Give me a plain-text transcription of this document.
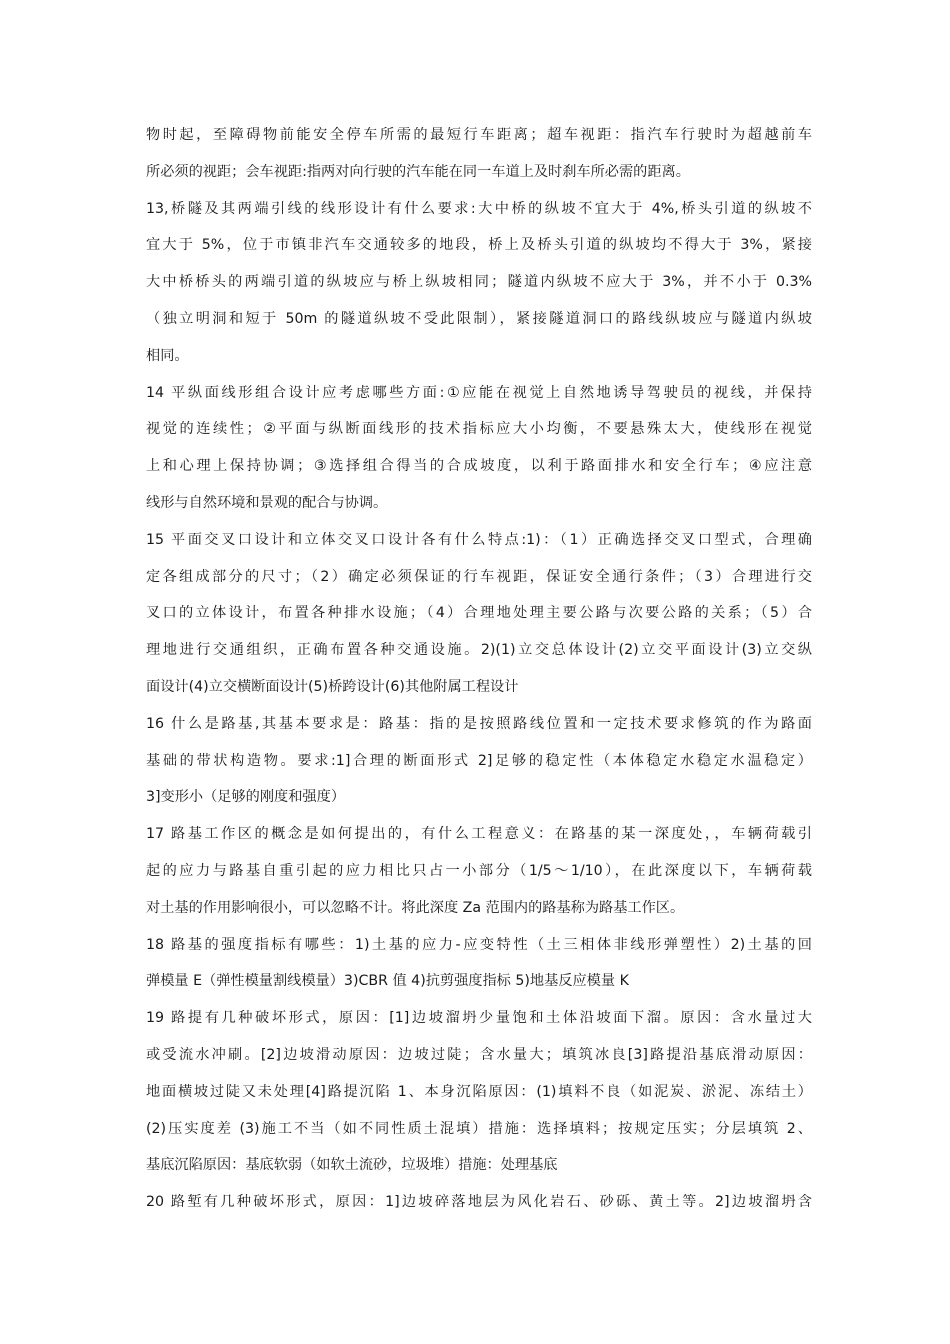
物时起，至障碍物前能安全停车所需的最短行车距离；超车视距：指汽车行驶时为超越前车
所必须的视距；会车视距:指两对向行驶的汽车能在同一车道上及时刹车所必需的距离。
13,桥隧及其两端引线的线形设计有什么要求:大中桥的纵坡不宜大于 4%,桥头引道的纵坡不
宜大于 5%，位于市镇非汽车交通较多的地段，桥上及桥头引道的纵坡均不得大于 3%，紧接
大中桥桥头的两端引道的纵坡应与桥上纵坡相同；隧道内纵坡不应大于 3%，并不小于 0.3%
（独立明洞和短于 50m 的隧道纵坡不受此限制），紧接隧道洞口的路线纵坡应与隧道内纵坡
相同。
14 平纵面线形组合设计应考虑哪些方面:①应能在视觉上自然地诱导驾驶员的视线，并保持
视觉的连续性；②平面与纵断面线形的技术指标应大小均衡，不要悬殊太大，使线形在视觉
上和心理上保持协调；③选择组合得当的合成坡度，以利于路面排水和安全行车；④应注意
线形与自然环境和景观的配合与协调。
15 平面交叉口设计和立体交叉口设计各有什么特点:1)：（1）正确选择交叉口型式，合理确
定各组成部分的尺寸；（2）确定必须保证的行车视距，保证安全通行条件；（3）合理进行交
叉口的立体设计，布置各种排水设施；（4）合理地处理主要公路与次要公路的关系；（5）合
理地进行交通组织，正确布置各种交通设施。2)(1)立交总体设计(2)立交平面设计(3)立交纵
面设计(4)立交横断面设计(5)桥跨设计(6)其他附属工程设计
16 什么是路基,其基本要求是：路基：指的是按照路线位置和一定技术要求修筑的作为路面
基础的带状构造物。要求:1]合理的断面形式 2]足够的稳定性（本体稳定水稳定水温稳定）
3]变形小（足够的刚度和强度）
17 路基工作区的概念是如何提出的，有什么工程意义：在路基的某一深度处，，车辆荷载引
起的应力与路基自重引起的应力相比只占一小部分（1/5～1/10），在此深度以下，车辆荷载
对土基的作用影响很小，可以忽略不计。将此深度 Za 范围内的路基称为路基工作区。
18 路基的强度指标有哪些：1)土基的应力-应变特性（土三相体非线形弹塑性）2)土基的回
弹模量 E（弹性模量割线模量）3)CBR 值 4)抗剪强度指标 5)地基反应模量 K
19 路提有几种破坏形式，原因：[1]边坡溜坍少量饱和土体沿坡面下溜。原因：含水量过大
或受流水冲刷。[2]边坡滑动原因：边坡过陡；含水量大；填筑冰良[3]路提沿基底滑动原因：
地面横坡过陡又未处理[4]路提沉陷 1、本身沉陷原因：(1)填料不良（如泥炭、淤泥、冻结土）
(2)压实度差 (3)施工不当（如不同性质土混填）措施：选择填料；按规定压实；分层填筑 2、
基底沉陷原因：基底软弱（如软土流砂，垃圾堆）措施：处理基底
20 路堑有几种破坏形式，原因：1]边坡碎落地层为风化岩石、砂砾、黄土等。2]边坡溜坍含
